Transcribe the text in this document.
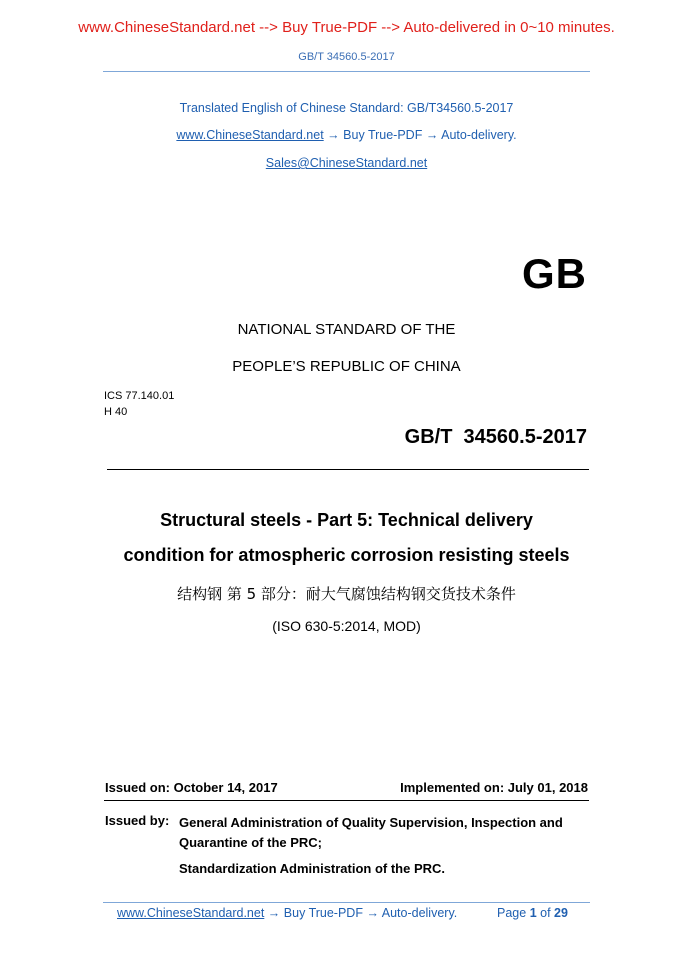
www.ChineseStandard.net --> Buy True-PDF --> Auto-delivered in 0~10 minutes.
GB/T 34560.5-2017
Translated English of Chinese Standard: GB/T34560.5-2017
www.ChineseStandard.net → Buy True-PDF → Auto-delivery.
Sales@ChineseStandard.net
GB
NATIONAL STANDARD OF THE
PEOPLE’S REPUBLIC OF CHINA
ICS 77.140.01
H 40
GB/T  34560.5-2017
Structural steels - Part 5: Technical delivery
condition for atmospheric corrosion resisting steels
结构钢 第 5 部分：耐大气腐蚀结构钢交货技术条件
(ISO 630-5:2014, MOD)
Issued on: October 14, 2017	Implemented on: July 01, 2018
Issued by: General Administration of Quality Supervision, Inspection and Quarantine of the PRC;
Standardization Administration of the PRC.
www.ChineseStandard.net → Buy True-PDF → Auto-delivery.	Page 1 of 29
